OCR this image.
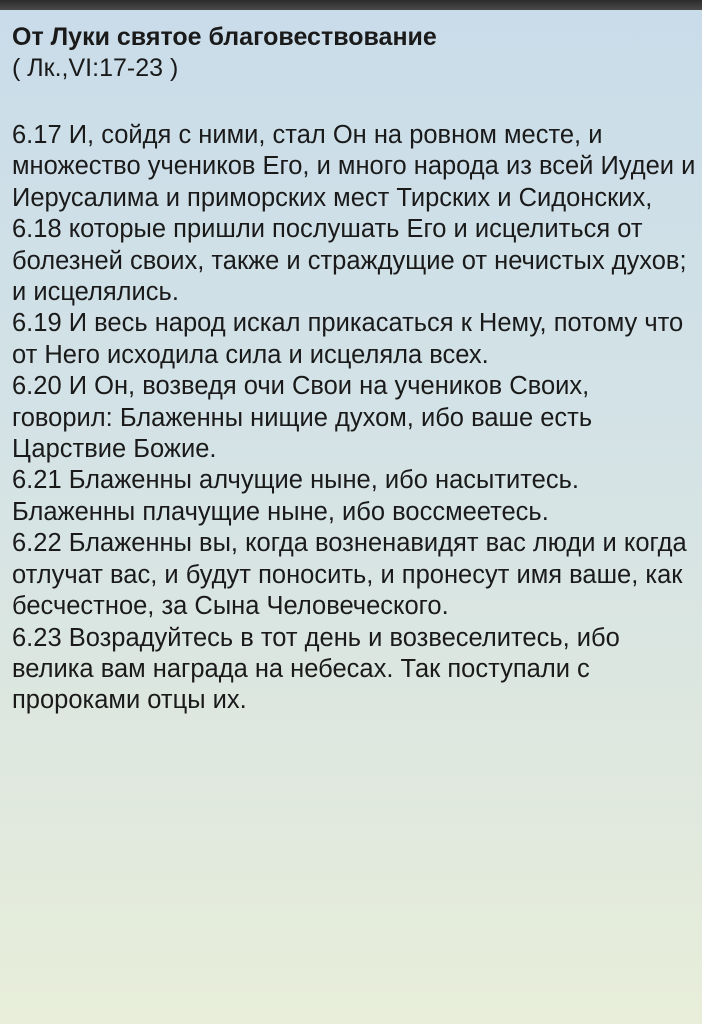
От Луки святое благовествование
( Лк.,VI:17-23 )

6.17 И, сойдя с ними, стал Он на ровном месте, и множество учеников Его, и много народа из всей Иудеи и Иерусалима и приморских мест Тирских и Сидонских,

6.18 которые пришли послушать Его и исцелиться от болезней своих, также и страждущие от нечистых духов; и исцелялись.

6.19 И весь народ искал прикасаться к Нему, потому что от Него исходила сила и исцеляла всех.

6.20 И Он, возведя очи Свои на учеников Своих, говорил: Блаженны нищие духом, ибо ваше есть Царствие Божие.

6.21 Блаженны алчущие ныне, ибо насытитесь. Блаженны плачущие ныне, ибо воссмеетесь.

6.22 Блаженны вы, когда возненавидят вас люди и когда отлучат вас, и будут поносить, и пронесут имя ваше, как бесчестное, за Сына Человеческого.

6.23 Возрадуйтесь в тот день и возвеселитесь, ибо велика вам награда на небесах. Так поступали с пророками отцы их.
